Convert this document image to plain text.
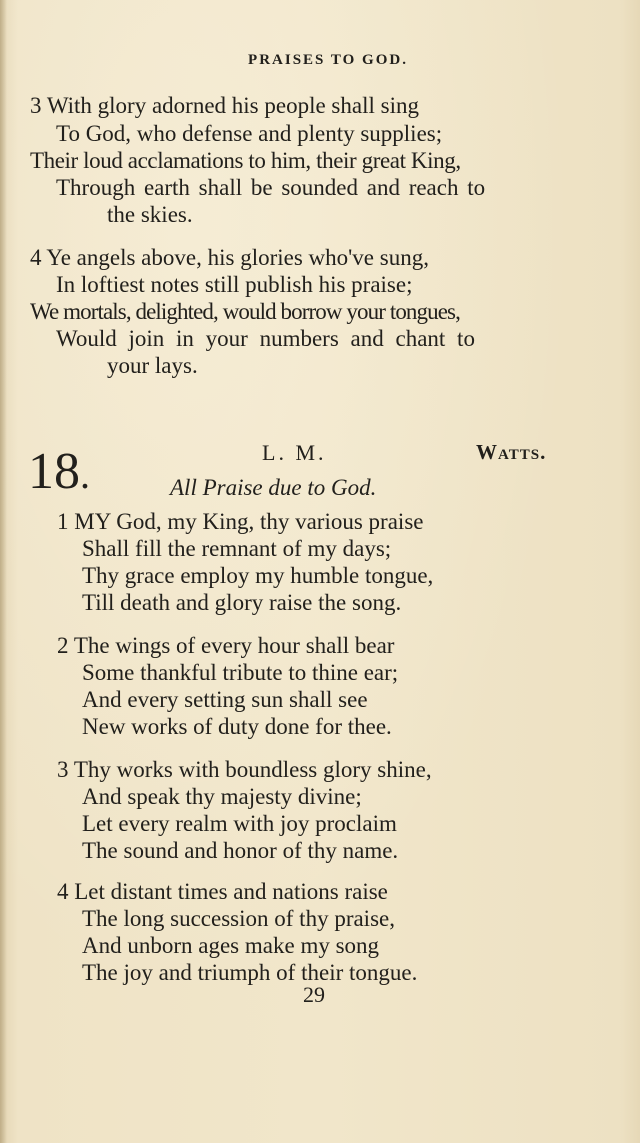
PRAISES TO GOD.
3 With glory adorned his people shall sing
To God, who defense and plenty supplies;
Their loud acclamations to him, their great King,
Through earth shall be sounded and reach to
the skies.
4 Ye angels above, his glories who've sung,
In loftiest notes still publish his praise;
We mortals, delighted, would borrow your tongues,
Would join in your numbers and chant to
your lays.
18.	L. M.	Watts.
All Praise due to God.
1 MY God, my King, thy various praise
Shall fill the remnant of my days;
Thy grace employ my humble tongue,
Till death and glory raise the song.
2 The wings of every hour shall bear
Some thankful tribute to thine ear;
And every setting sun shall see
New works of duty done for thee.
3 Thy works with boundless glory shine,
And speak thy majesty divine;
Let every realm with joy proclaim
The sound and honor of thy name.
4 Let distant times and nations raise
The long succession of thy praise,
And unborn ages make my song
The joy and triumph of their tongue.
29
